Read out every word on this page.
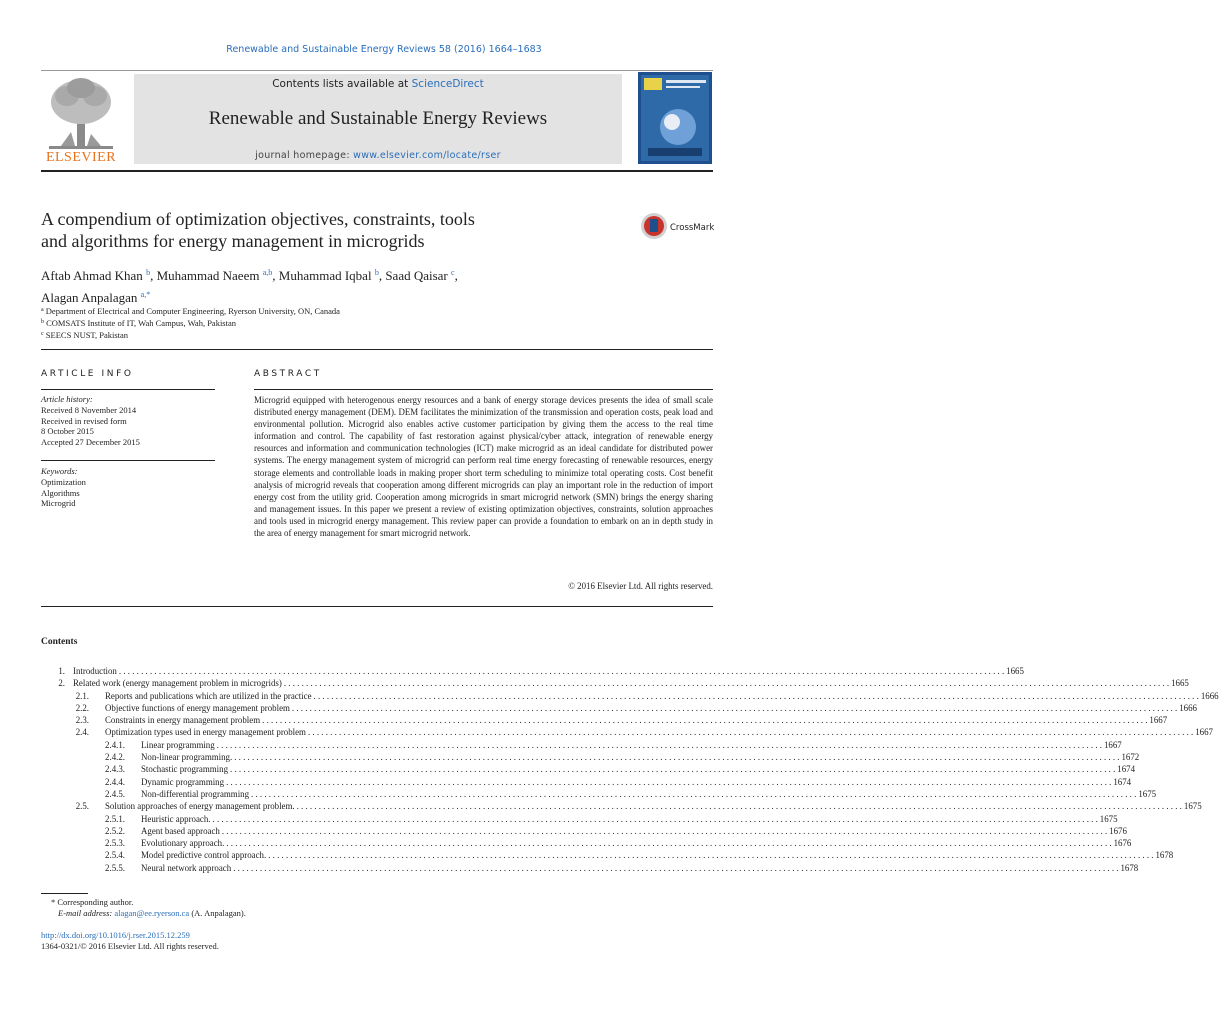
Renewable and Sustainable Energy Reviews 58 (2016) 1664–1683
ELSEVIER
Contents lists available at ScienceDirect
Renewable and Sustainable Energy Reviews
journal homepage: www.elsevier.com/locate/rser
A compendium of optimization objectives, constraints, tools
and algorithms for energy management in microgrids
CrossMark
Aftab Ahmad Khan $^b$, Muhammad Naeem $^{a,b}$, Muhammad Iqbal $^b$, Saad Qaisar $^c$,
Alagan Anpalagan $^{a,*}$
$^a$ Department of Electrical and Computer Engineering, Ryerson University, ON, Canada
$^b$ COMSATS Institute of IT, Wah Campus, Wah, Pakistan
$^c$ SEECS NUST, Pakistan
ARTICLE INFO	ABSTRACT
Article history:
Received 8 November 2014
Received in revised form
8 October 2015
Accepted 27 December 2015
Keywords:
Optimization
Algorithms
Microgrid
Microgrid equipped with heterogenous energy resources and a bank of energy storage devices presents the idea of small scale distributed energy management (DEM). DEM facilitates the minimization of the transmission and operation costs, peak load and environmental pollution. Microgrid also enables active customer participation by giving them the access to the real time information and control. The capability of fast restoration against physical/cyber attack, integration of renewable energy resources and information and communication technologies (ICT) make microgrid as an ideal candidate for distributed power systems. The energy management system of microgrid can perform real time energy forecasting of renewable resources, energy storage elements and controllable loads in making proper short term scheduling to minimize total operating costs. Cost benefit analysis of microgrid reveals that cooperation among different microgrids can play an important role in the reduction of import energy cost from the utility grid. Cooperation among microgrids in smart microgrid network (SMN) brings the energy sharing and management issues. In this paper we present a review of existing optimization objectives, constraints, solution approaches and tools used in microgrid energy management. This review paper can provide a foundation to embark on an in depth study in the area of energy management for smart microgrid network.
© 2016 Elsevier Ltd. All rights reserved.
Contents
1. Introduction . . . . . . . . . . . . . . . . . . . . . . . . . . . . . . . . . . . . . . . . . . . . . . . . . . . . . . . . . . . . . . . . . . . . . . . . . . . . . . . . . . . . . . . . . . . . . . . . . . . . . . . . . . . . . . . . . . . . . . . . . . . . . . . . . . . . . . . . . . . . . . . . . . . . . . . . . . . . . . . . . . . . . . . . . . . . . . . . . . . . . . . . . . . . . . . . . . . . . . . . 1665
2. Related work (energy management problem in microgrids) . . . . . . . . . . . . . . . . . . . . . . . . . . . . . . . . . . . . . . . . . . . . . . . . . . . . . . . . . . . . . . . . . . . . . . . . . . . . . . . . . . . . . . . . . . . . . . . . . . . . . . . . . . . . . . . . . . . . . . . . . . . . . . . . . . . . . . . . . . . . . . . . . . . . . . . . . . . . . . . . . . . . . . . . . . . . . . . . . . . . . . . . . . . . . . . . . . . . . . . . 1665
2.1. Reports and publications which are utilized in the practice . . . . . . . . . . . . . . . . . . . . . . . . . . . . . . . . . . . . . . . . . . . . . . . . . . . . . . . . . . . . . . . . . . . . . . . . . . . . . . . . . . . . . . . . . . . . . . . . . . . . . . . . . . . . . . . . . . . . . . . . . . . . . . . . . . . . . . . . . . . . . . . . . . . . . . . . . . . . . . . . . . . . . . . . . . . . . . . . . . . . . . . . . . . . . . . . . . . . . . . . 1666
2.2. Objective functions of energy management problem . . . . . . . . . . . . . . . . . . . . . . . . . . . . . . . . . . . . . . . . . . . . . . . . . . . . . . . . . . . . . . . . . . . . . . . . . . . . . . . . . . . . . . . . . . . . . . . . . . . . . . . . . . . . . . . . . . . . . . . . . . . . . . . . . . . . . . . . . . . . . . . . . . . . . . . . . . . . . . . . . . . . . . . . . . . . . . . . . . . . . . . . . . . . . . . . . . . . . . . . 1666
2.3. Constraints in energy management problem . . . . . . . . . . . . . . . . . . . . . . . . . . . . . . . . . . . . . . . . . . . . . . . . . . . . . . . . . . . . . . . . . . . . . . . . . . . . . . . . . . . . . . . . . . . . . . . . . . . . . . . . . . . . . . . . . . . . . . . . . . . . . . . . . . . . . . . . . . . . . . . . . . . . . . . . . . . . . . . . . . . . . . . . . . . . . . . . . . . . . . . . . . . . . . . . . . . . . . . . 1667
2.4. Optimization types used in energy management problem . . . . . . . . . . . . . . . . . . . . . . . . . . . . . . . . . . . . . . . . . . . . . . . . . . . . . . . . . . . . . . . . . . . . . . . . . . . . . . . . . . . . . . . . . . . . . . . . . . . . . . . . . . . . . . . . . . . . . . . . . . . . . . . . . . . . . . . . . . . . . . . . . . . . . . . . . . . . . . . . . . . . . . . . . . . . . . . . . . . . . . . . . . . . . . . . . . . . . . . . 1667
2.4.1. Linear programming . . . . . . . . . . . . . . . . . . . . . . . . . . . . . . . . . . . . . . . . . . . . . . . . . . . . . . . . . . . . . . . . . . . . . . . . . . . . . . . . . . . . . . . . . . . . . . . . . . . . . . . . . . . . . . . . . . . . . . . . . . . . . . . . . . . . . . . . . . . . . . . . . . . . . . . . . . . . . . . . . . . . . . . . . . . . . . . . . . . . . . . . . . . . . . . . . . . . . . . . 1667
2.4.2. Non-linear programming. . . . . . . . . . . . . . . . . . . . . . . . . . . . . . . . . . . . . . . . . . . . . . . . . . . . . . . . . . . . . . . . . . . . . . . . . . . . . . . . . . . . . . . . . . . . . . . . . . . . . . . . . . . . . . . . . . . . . . . . . . . . . . . . . . . . . . . . . . . . . . . . . . . . . . . . . . . . . . . . . . . . . . . . . . . . . . . . . . . . . . . . . . . . . . . . . . . . . . . . . 1672
2.4.3. Stochastic programming . . . . . . . . . . . . . . . . . . . . . . . . . . . . . . . . . . . . . . . . . . . . . . . . . . . . . . . . . . . . . . . . . . . . . . . . . . . . . . . . . . . . . . . . . . . . . . . . . . . . . . . . . . . . . . . . . . . . . . . . . . . . . . . . . . . . . . . . . . . . . . . . . . . . . . . . . . . . . . . . . . . . . . . . . . . . . . . . . . . . . . . . . . . . . . . . . . . . . . . . 1674
2.4.4. Dynamic programming . . . . . . . . . . . . . . . . . . . . . . . . . . . . . . . . . . . . . . . . . . . . . . . . . . . . . . . . . . . . . . . . . . . . . . . . . . . . . . . . . . . . . . . . . . . . . . . . . . . . . . . . . . . . . . . . . . . . . . . . . . . . . . . . . . . . . . . . . . . . . . . . . . . . . . . . . . . . . . . . . . . . . . . . . . . . . . . . . . . . . . . . . . . . . . . . . . . . . . . . 1674
2.4.5. Non-differential programming . . . . . . . . . . . . . . . . . . . . . . . . . . . . . . . . . . . . . . . . . . . . . . . . . . . . . . . . . . . . . . . . . . . . . . . . . . . . . . . . . . . . . . . . . . . . . . . . . . . . . . . . . . . . . . . . . . . . . . . . . . . . . . . . . . . . . . . . . . . . . . . . . . . . . . . . . . . . . . . . . . . . . . . . . . . . . . . . . . . . . . . . . . . . . . . . . . . . . . . . 1675
2.5. Solution approaches of energy management problem. . . . . . . . . . . . . . . . . . . . . . . . . . . . . . . . . . . . . . . . . . . . . . . . . . . . . . . . . . . . . . . . . . . . . . . . . . . . . . . . . . . . . . . . . . . . . . . . . . . . . . . . . . . . . . . . . . . . . . . . . . . . . . . . . . . . . . . . . . . . . . . . . . . . . . . . . . . . . . . . . . . . . . . . . . . . . . . . . . . . . . . . . . . . . . . . . . . . . . . . . 1675
2.5.1. Heuristic approach. . . . . . . . . . . . . . . . . . . . . . . . . . . . . . . . . . . . . . . . . . . . . . . . . . . . . . . . . . . . . . . . . . . . . . . . . . . . . . . . . . . . . . . . . . . . . . . . . . . . . . . . . . . . . . . . . . . . . . . . . . . . . . . . . . . . . . . . . . . . . . . . . . . . . . . . . . . . . . . . . . . . . . . . . . . . . . . . . . . . . . . . . . . . . . . . . . . . . . . . . 1675
2.5.2. Agent based approach . . . . . . . . . . . . . . . . . . . . . . . . . . . . . . . . . . . . . . . . . . . . . . . . . . . . . . . . . . . . . . . . . . . . . . . . . . . . . . . . . . . . . . . . . . . . . . . . . . . . . . . . . . . . . . . . . . . . . . . . . . . . . . . . . . . . . . . . . . . . . . . . . . . . . . . . . . . . . . . . . . . . . . . . . . . . . . . . . . . . . . . . . . . . . . . . . . . . . . . . 1676
2.5.3. Evolutionary approach. . . . . . . . . . . . . . . . . . . . . . . . . . . . . . . . . . . . . . . . . . . . . . . . . . . . . . . . . . . . . . . . . . . . . . . . . . . . . . . . . . . . . . . . . . . . . . . . . . . . . . . . . . . . . . . . . . . . . . . . . . . . . . . . . . . . . . . . . . . . . . . . . . . . . . . . . . . . . . . . . . . . . . . . . . . . . . . . . . . . . . . . . . . . . . . . . . . . . . . . . 1676
2.5.4. Model predictive control approach. . . . . . . . . . . . . . . . . . . . . . . . . . . . . . . . . . . . . . . . . . . . . . . . . . . . . . . . . . . . . . . . . . . . . . . . . . . . . . . . . . . . . . . . . . . . . . . . . . . . . . . . . . . . . . . . . . . . . . . . . . . . . . . . . . . . . . . . . . . . . . . . . . . . . . . . . . . . . . . . . . . . . . . . . . . . . . . . . . . . . . . . . . . . . . . . . . . . . . . . . 1678
2.5.5. Neural network approach . . . . . . . . . . . . . . . . . . . . . . . . . . . . . . . . . . . . . . . . . . . . . . . . . . . . . . . . . . . . . . . . . . . . . . . . . . . . . . . . . . . . . . . . . . . . . . . . . . . . . . . . . . . . . . . . . . . . . . . . . . . . . . . . . . . . . . . . . . . . . . . . . . . . . . . . . . . . . . . . . . . . . . . . . . . . . . . . . . . . . . . . . . . . . . . . . . . . . . . . 1678
* Corresponding author.
E-mail address: alagan@ee.ryerson.ca (A. Anpalagan).
http://dx.doi.org/10.1016/j.rser.2015.12.259
1364-0321/© 2016 Elsevier Ltd. All rights reserved.
